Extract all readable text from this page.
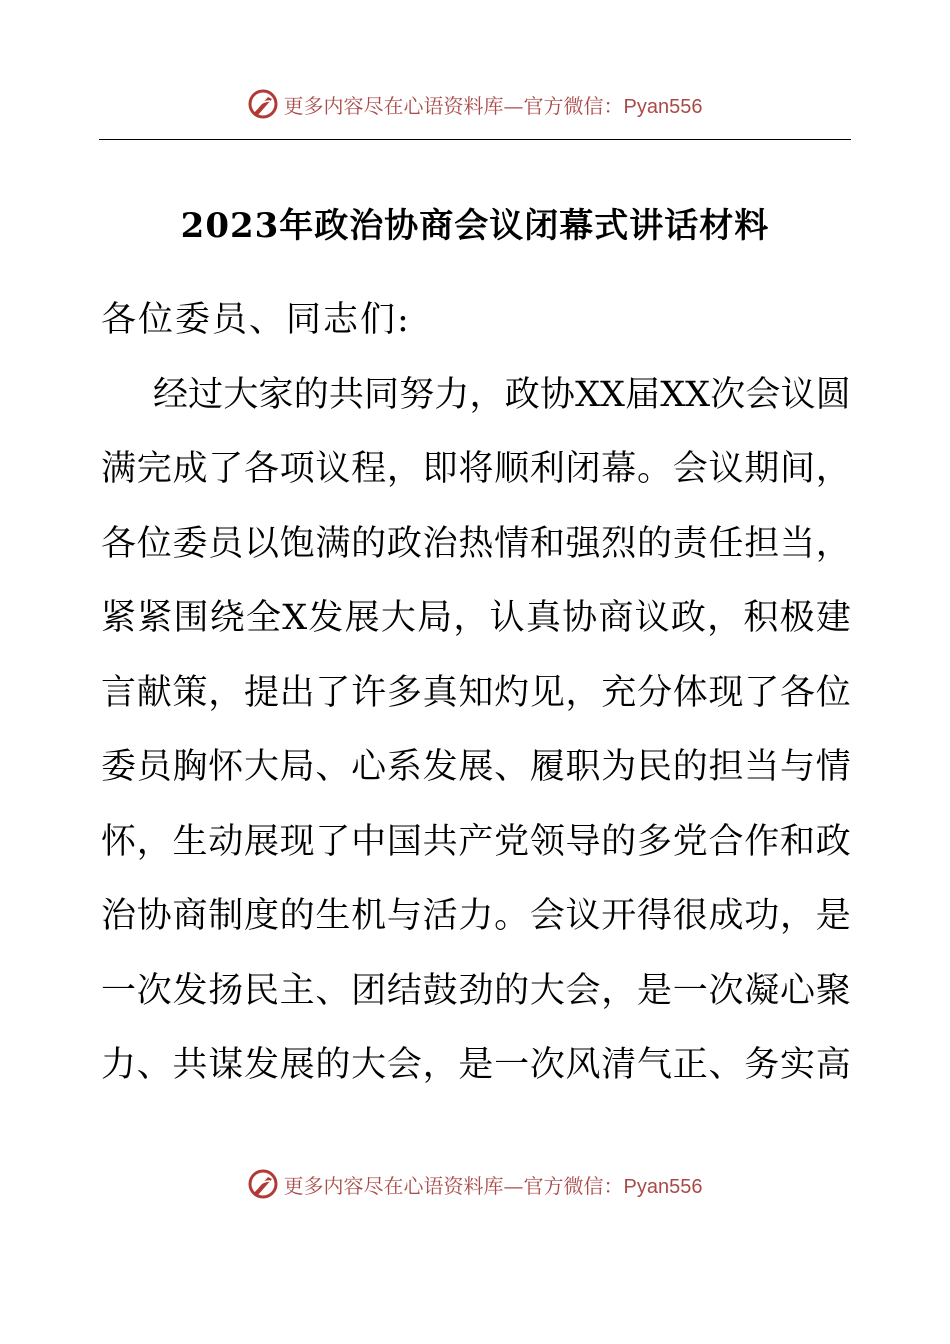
更多内容尽在心语资料库—官方微信：Pyan556
2023年政治协商会议闭幕式讲话材料
各位委员、同志们:
经 过 大 家 的 共 同 努 力 ， 政 协 XX 届 XX 次 会 议 圆
满 完 成 了 各 项 议 程 ， 即 将 顺 利 闭 幕 。 会 议 期 间 ，
各 位 委 员 以 饱 满 的 政 治 热 情 和 强 烈 的 责 任 担 当 ，
紧 紧 围 绕 全 X 发 展 大 局 ， 认 真 协 商 议 政 ， 积 极 建
言 献 策 ， 提 出 了 许 多 真 知 灼 见 ， 充 分 体 现 了 各 位
委 员 胸 怀 大 局 、 心 系 发 展 、 履 职 为 民 的 担 当 与 情
怀 ， 生 动 展 现 了 中 国 共 产 党 领 导 的 多 党 合 作 和 政
治 协 商 制 度 的 生 机 与 活 力 。 会 议 开 得 很 成 功 ， 是
一 次 发 扬 民 主 、 团 结 鼓 劲 的 大 会 ， 是 一 次 凝 心 聚
力 、 共 谋 发 展 的 大 会 ， 是 一 次 风 清 气 正 、 务 实 高
更多内容尽在心语资料库—官方微信：Pyan556
